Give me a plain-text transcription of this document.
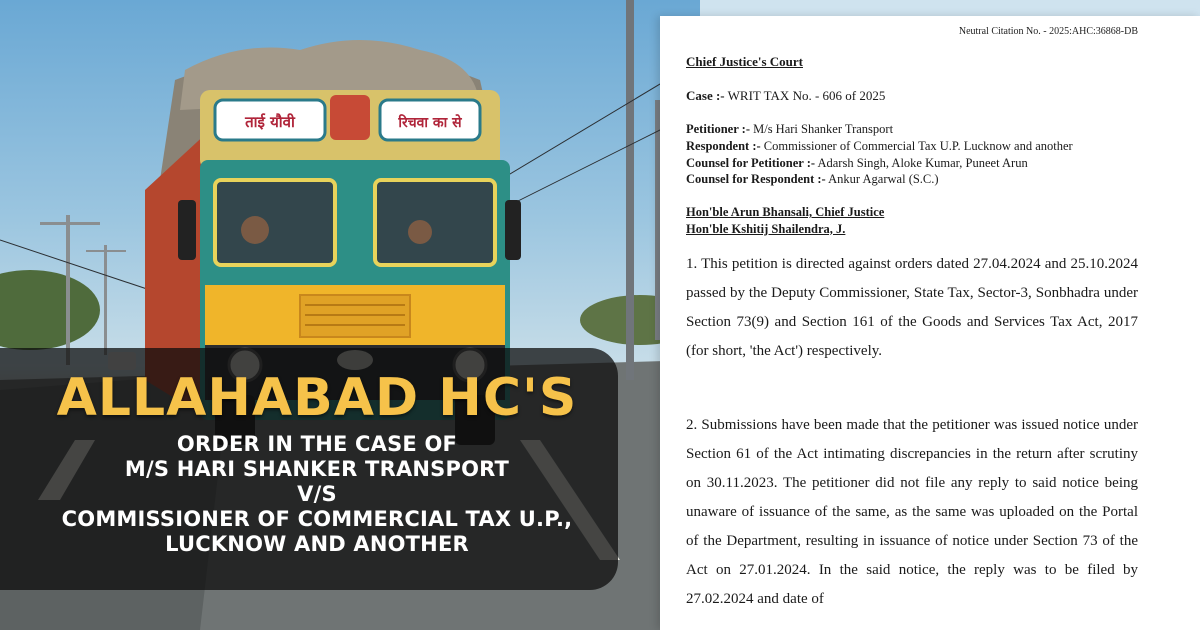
ताई यौवी	रिचवा का से
ALLAHABAD HC'S
ORDER IN THE CASE OF
M/S HARI SHANKER TRANSPORT
V/S
COMMISSIONER OF COMMERCIAL TAX U.P.,
LUCKNOW AND ANOTHER
Neutral Citation No. - 2025:AHC:36868-DB
Chief Justice's Court
Case :- WRIT TAX No. - 606 of 2025
Petitioner :- M/s Hari Shanker Transport
Respondent :- Commissioner of Commercial Tax U.P. Lucknow and another
Counsel for Petitioner :- Adarsh Singh, Aloke Kumar, Puneet Arun
Counsel for Respondent :- Ankur Agarwal (S.C.)
Hon'ble Arun Bhansali, Chief Justice
Hon'ble Kshitij Shailendra, J.
1. This petition is directed against orders dated 27.04.2024 and 25.10.2024 passed by the Deputy Commissioner, State Tax, Sector-3, Sonbhadra under Section 73(9) and Section 161 of the Goods and Services Tax Act, 2017 (for short, 'the Act') respectively.
2. Submissions have been made that the petitioner was issued notice under Section 61 of the Act intimating discrepancies in the return after scrutiny on 30.11.2023. The petitioner did not file any reply to said notice being unaware of issuance of the same, as the same was uploaded on the Portal of the Department, resulting in issuance of notice under Section 73 of the Act on 27.01.2024. In the said notice, the reply was to be filed by 27.02.2024 and date of
